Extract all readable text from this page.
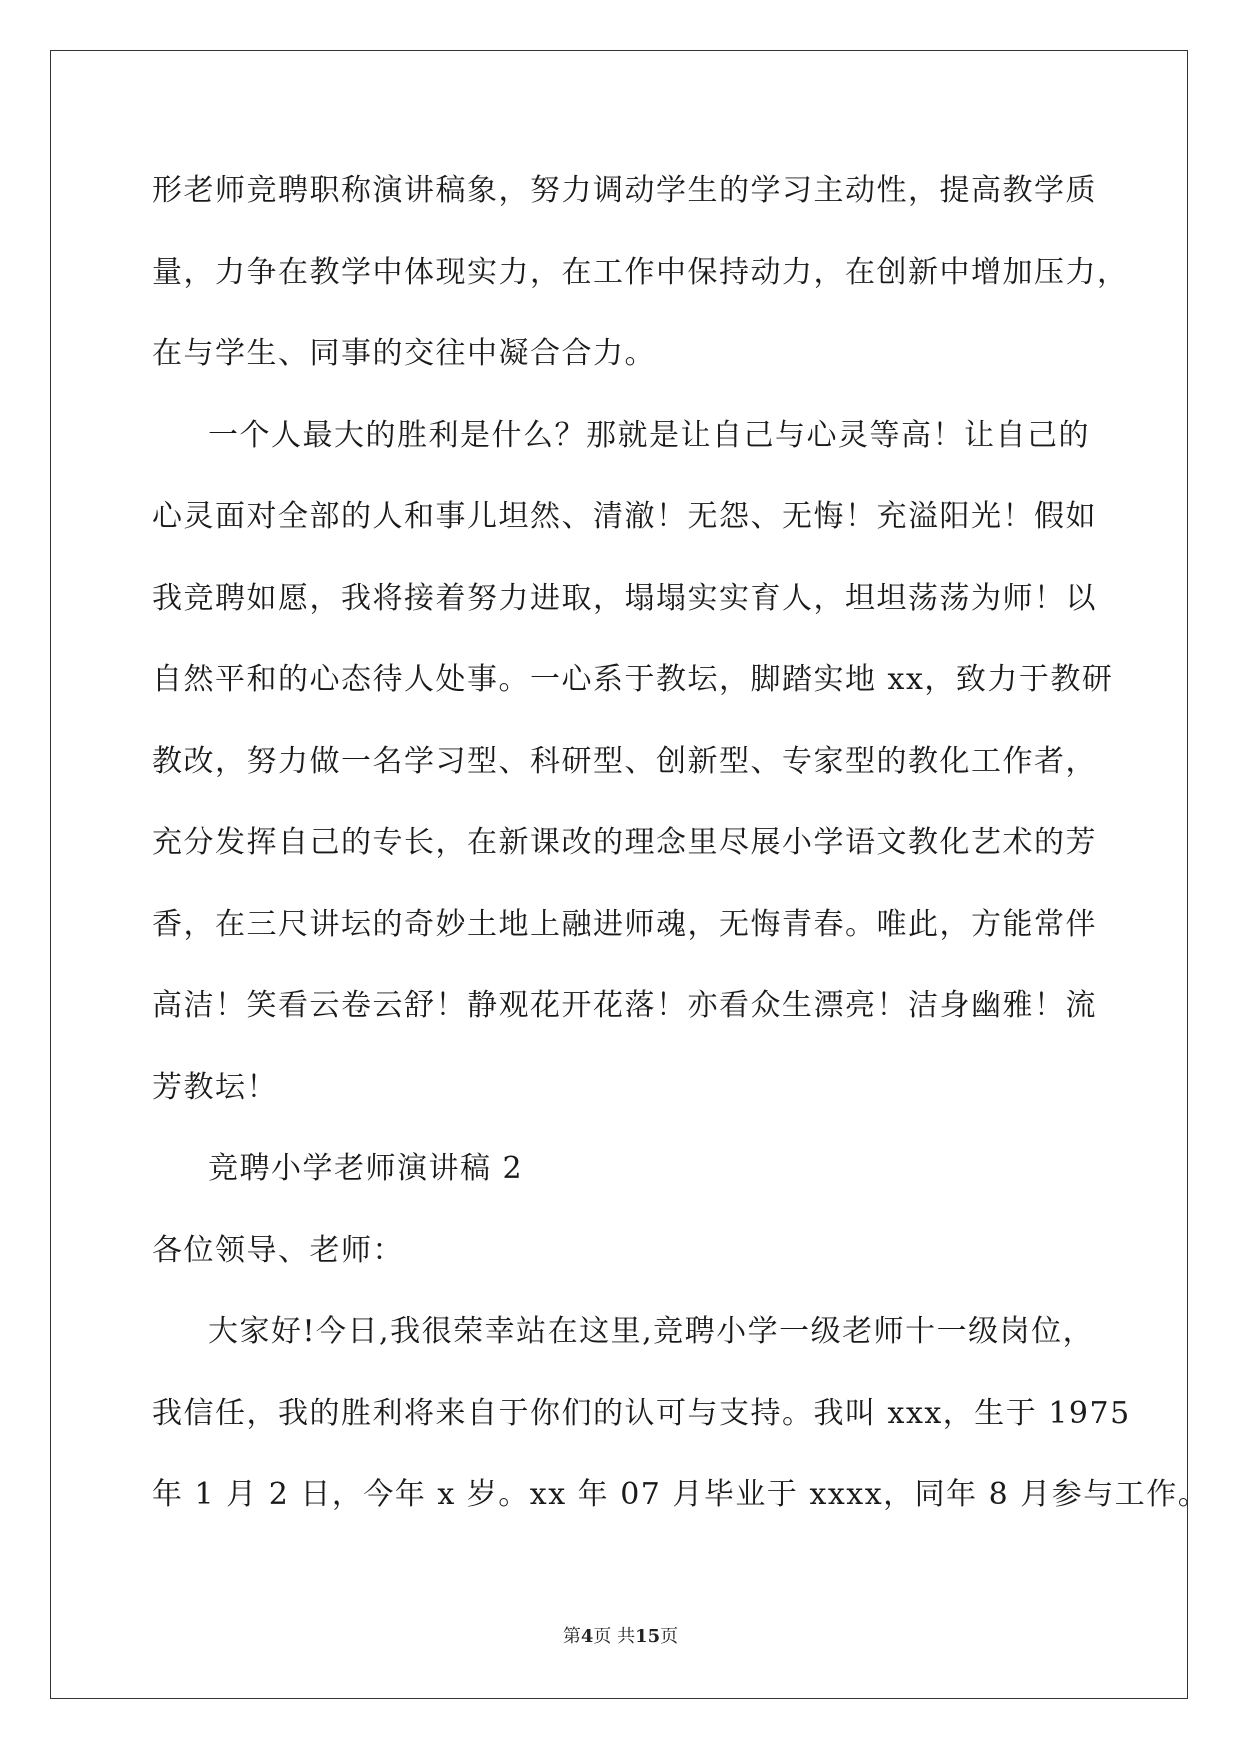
形老师竞聘职称演讲稿象，努力调动学生的学习主动性，提高教学质
量，力争在教学中体现实力，在工作中保持动力，在创新中增加压力，
在与学生、同事的交往中凝合合力。
一个人最大的胜利是什么？那就是让自己与心灵等高！让自己的
心灵面对全部的人和事儿坦然、清澈！无怨、无悔！充溢阳光！假如
我竞聘如愿，我将接着努力进取，塌塌实实育人，坦坦荡荡为师！以
自然平和的心态待人处事。一心系于教坛，脚踏实地 xx，致力于教研
教改，努力做一名学习型、科研型、创新型、专家型的教化工作者，
充分发挥自己的专长，在新课改的理念里尽展小学语文教化艺术的芳
香，在三尺讲坛的奇妙土地上融进师魂，无悔青春。唯此，方能常伴
高洁！笑看云卷云舒！静观花开花落！亦看众生漂亮！洁身幽雅！流
芳教坛！
竞聘小学老师演讲稿 2
各位领导、老师：
大家好!今日,我很荣幸站在这里,竞聘小学一级老师十一级岗位，
我信任，我的胜利将来自于你们的认可与支持。我叫 xxx，生于 1975
年 1 月 2 日，今年 x 岁。xx 年 07 月毕业于 xxxx，同年 8 月参与工作。
第4页 共15页
